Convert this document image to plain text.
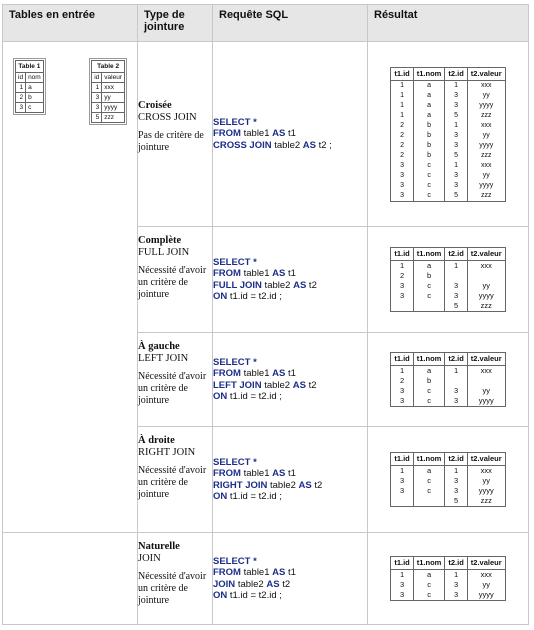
Tables en entrée	Type de jointure	Requête SQL	Résultat

Table 1
id	nom
1	a
2	b
3	c
Table 2
id	valeur
1	xxx
3	yy
3	yyyy
5	zzz

Croisée
CROSS JOIN
Pas de critère de jointure

SELECT *
FROM table1 AS t1
CROSS JOIN table2 AS t2 ;

t1.id	t1.nom	t2.id	t2.valeur
1	a	1	xxx
1	a	3	yy
1	a	3	yyyy
1	a	5	zzz
2	b	1	xxx
2	b	3	yy
2	b	3	yyyy
2	b	5	zzz
3	c	1	xxx
3	c	3	yy
3	c	3	yyyy
3	c	5	zzz

Complète
FULL JOIN
Nécessité d'avoir un critère de jointure

SELECT *
FROM table1 AS t1
FULL JOIN table2 AS t2
ON t1.id = t2.id ;

t1.id	t1.nom	t2.id	t2.valeur
1	a	1	xxx
2	b		
3	c	3	yy
3	c	3	yyyy
		5	zzz

À gauche
LEFT JOIN
Nécessité d'avoir un critère de jointure

SELECT *
FROM table1 AS t1
LEFT JOIN table2 AS t2
ON t1.id = t2.id ;

t1.id	t1.nom	t2.id	t2.valeur
1	a	1	xxx
2	b		
3	c	3	yy
3	c	3	yyyy

À droite
RIGHT JOIN
Nécessité d'avoir un critère de jointure

SELECT *
FROM table1 AS t1
RIGHT JOIN table2 AS t2
ON t1.id = t2.id ;

t1.id	t1.nom	t2.id	t2.valeur
1	a	1	xxx
3	c	3	yy
3	c	3	yyyy
		5	zzz

Naturelle
JOIN
Nécessité d'avoir un critère de jointure

SELECT *
FROM table1 AS t1
JOIN table2 AS t2
ON t1.id = t2.id ;

t1.id	t1.nom	t2.id	t2.valeur
1	a	1	xxx
3	c	3	yy
3	c	3	yyyy
